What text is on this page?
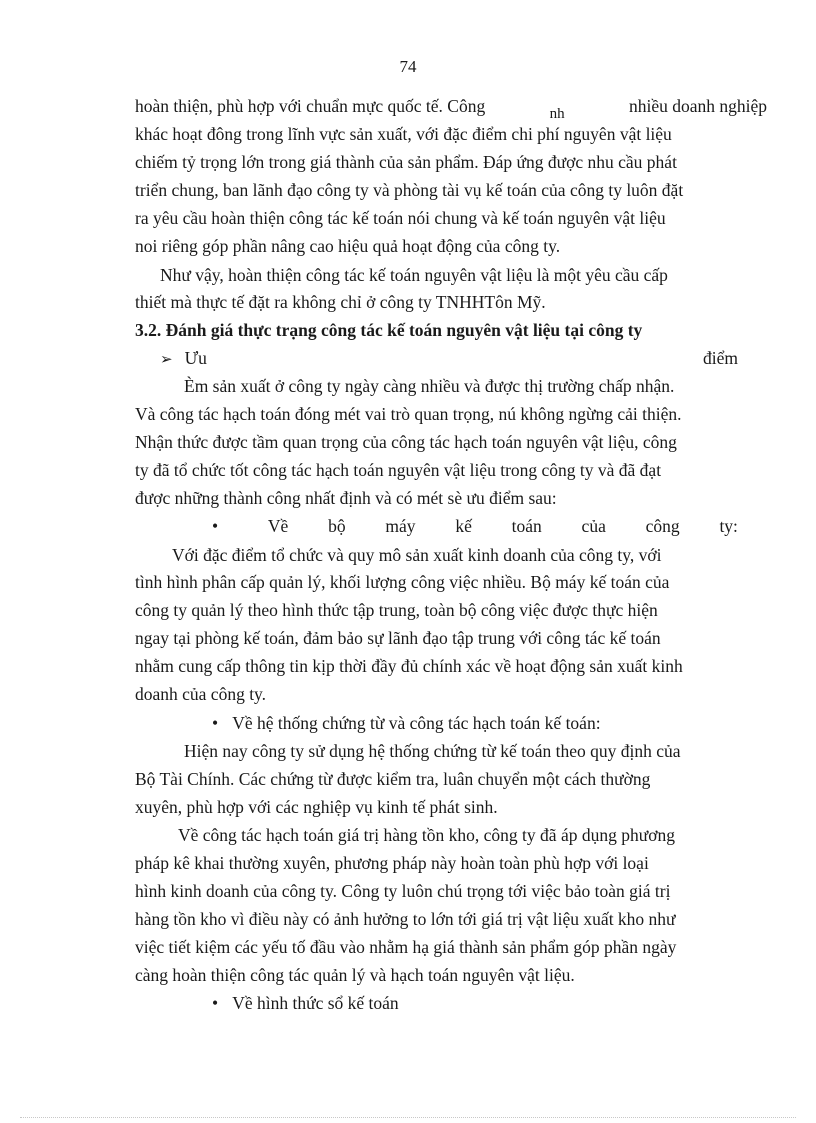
74
hoàn thiện, phù hợp với chuẩn mực quốc tế. Công	nh	nhiều doanh nghiệp
khác hoạt đông trong lĩnh vực sản xuất, với đặc điểm chi phí nguyên vật liệu
chiếm tỷ trọng lớn trong giá thành của sản phẩm. Đáp ứng được nhu cầu phát
triển chung, ban lãnh đạo công ty và phòng tài vụ kế toán của công ty luôn đặt
ra yêu cầu hoàn thiện công tác kế toán nói chung và kế toán nguyên vật liệu
noi riêng góp phần nâng cao hiệu quả hoạt động của công ty.
Như vậy, hoàn thiện công tác kế toán nguyên vật liệu là một yêu cầu cấp
thiết mà thực tế đặt ra không chỉ ở công ty TNHHTôn Mỹ.
3.2. Đánh giá thực trạng công tác kế toán nguyên vật liệu tại công ty
➢ Ưu	điểm
Èm sản xuất ở công ty ngày càng nhiều và được thị trường chấp nhận.
Và công tác hạch toán đóng mét vai trò quan trọng, nú không ngừng cải thiện.
Nhận thức được tầm quan trọng của công tác hạch toán nguyên vật liệu, công
ty đã tổ chức tốt công tác hạch toán nguyên vật liệu trong công ty và đã đạt
được những thành công nhất định và có mét sè ưu điểm sau:
• Về bộ máy kế toán của công ty:
Với đặc điểm tổ chức và quy mô sản xuất kinh doanh của công ty, với
tình hình phân cấp quản lý, khối lượng công việc nhiều. Bộ máy kế toán của
công ty quản lý theo hình thức tập trung, toàn bộ công việc được thực hiện
ngay tại phòng kế toán, đảm bảo sự lãnh đạo tập trung với công tác kế toán
nhằm cung cấp thông tin kịp thời đầy đủ chính xác về hoạt động sản xuất kinh
doanh của công ty.
• Về hệ thống chứng từ và công tác hạch toán kế toán:
Hiện nay công ty sử dụng hệ thống chứng từ kế toán theo quy định của
Bộ Tài Chính. Các chứng từ được kiểm tra, luân chuyển một cách thường
xuyên, phù hợp với các nghiệp vụ kinh tế phát sinh.
Về công tác hạch toán giá trị hàng tồn kho, công ty đã áp dụng phương
pháp kê khai thường xuyên, phương pháp này hoàn toàn phù hợp với loại
hình kinh doanh của công ty. Công ty luôn chú trọng tới việc bảo toàn giá trị
hàng tồn kho vì điều này có ảnh hưởng to lớn tới giá trị vật liệu xuất kho như
việc tiết kiệm các yếu tố đầu vào nhằm hạ giá thành sản phẩm góp phần ngày
càng hoàn thiện công tác quản lý và hạch toán nguyên vật liệu.
• Về hình thức sổ kế toán
